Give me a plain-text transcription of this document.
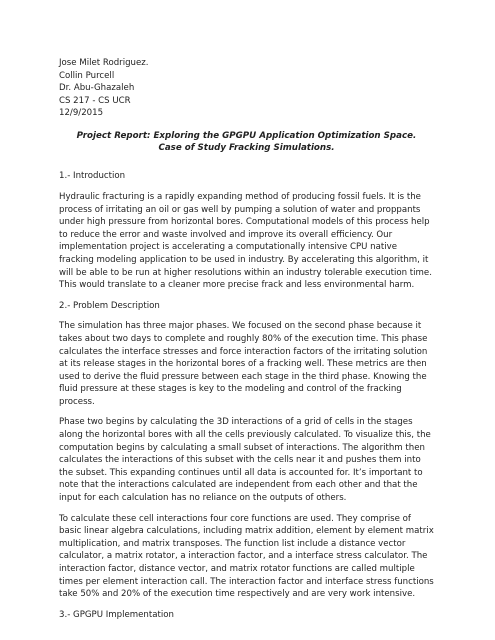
Jose Milet Rodriguez.
Collin Purcell
Dr. Abu-Ghazaleh
CS 217 - CS UCR
12/9/2015
Project Report: Exploring the GPGPU Application Optimization Space. Case of Study Fracking Simulations.
1.- Introduction

Hydraulic fracturing is a rapidly expanding method of producing fossil fuels. It is the process of irritating an oil or gas well by pumping a solution of water and proppants under high pressure from horizontal bores. Computational models of this process help to reduce the error and waste involved and improve its overall efficiency. Our implementation project is accelerating a computationally intensive CPU native fracking modeling application to be used in industry. By accelerating this algorithm, it will be able to be run at higher resolutions within an industry tolerable execution time. This would translate to a cleaner more precise frack and less environmental harm.

2.- Problem Description

The simulation has three major phases. We focused on the second phase because it takes about two days to complete and roughly 80% of the execution time. This phase calculates the interface stresses and force interaction factors of the irritating solution at its release stages in the horizontal bores of a fracking well. These metrics are then used to derive the fluid pressure between each stage in the third phase. Knowing the fluid pressure at these stages is key to the modeling and control of the fracking process.

Phase two begins by calculating the 3D interactions of a grid of cells in the stages along the horizontal bores with all the cells previously calculated. To visualize this, the computation begins by calculating a small subset of interactions. The algorithm then calculates the interactions of this subset with the cells near it and pushes them into the subset. This expanding continues until all data is accounted for. It’s important to note that the interactions calculated are independent from each other and that the input for each calculation has no reliance on the outputs of others.

To calculate these cell interactions four core functions are used. They comprise of basic linear algebra calculations, including matrix addition, element by element matrix multiplication, and matrix transposes. The function list include a distance vector calculator, a matrix rotator, a interaction factor, and a interface stress calculator. The interaction factor, distance vector, and matrix rotator functions are called multiple times per element interaction call. The interaction factor and interface stress functions take 50% and 20% of the execution time respectively and are very work intensive.

3.- GPGPU Implementation
